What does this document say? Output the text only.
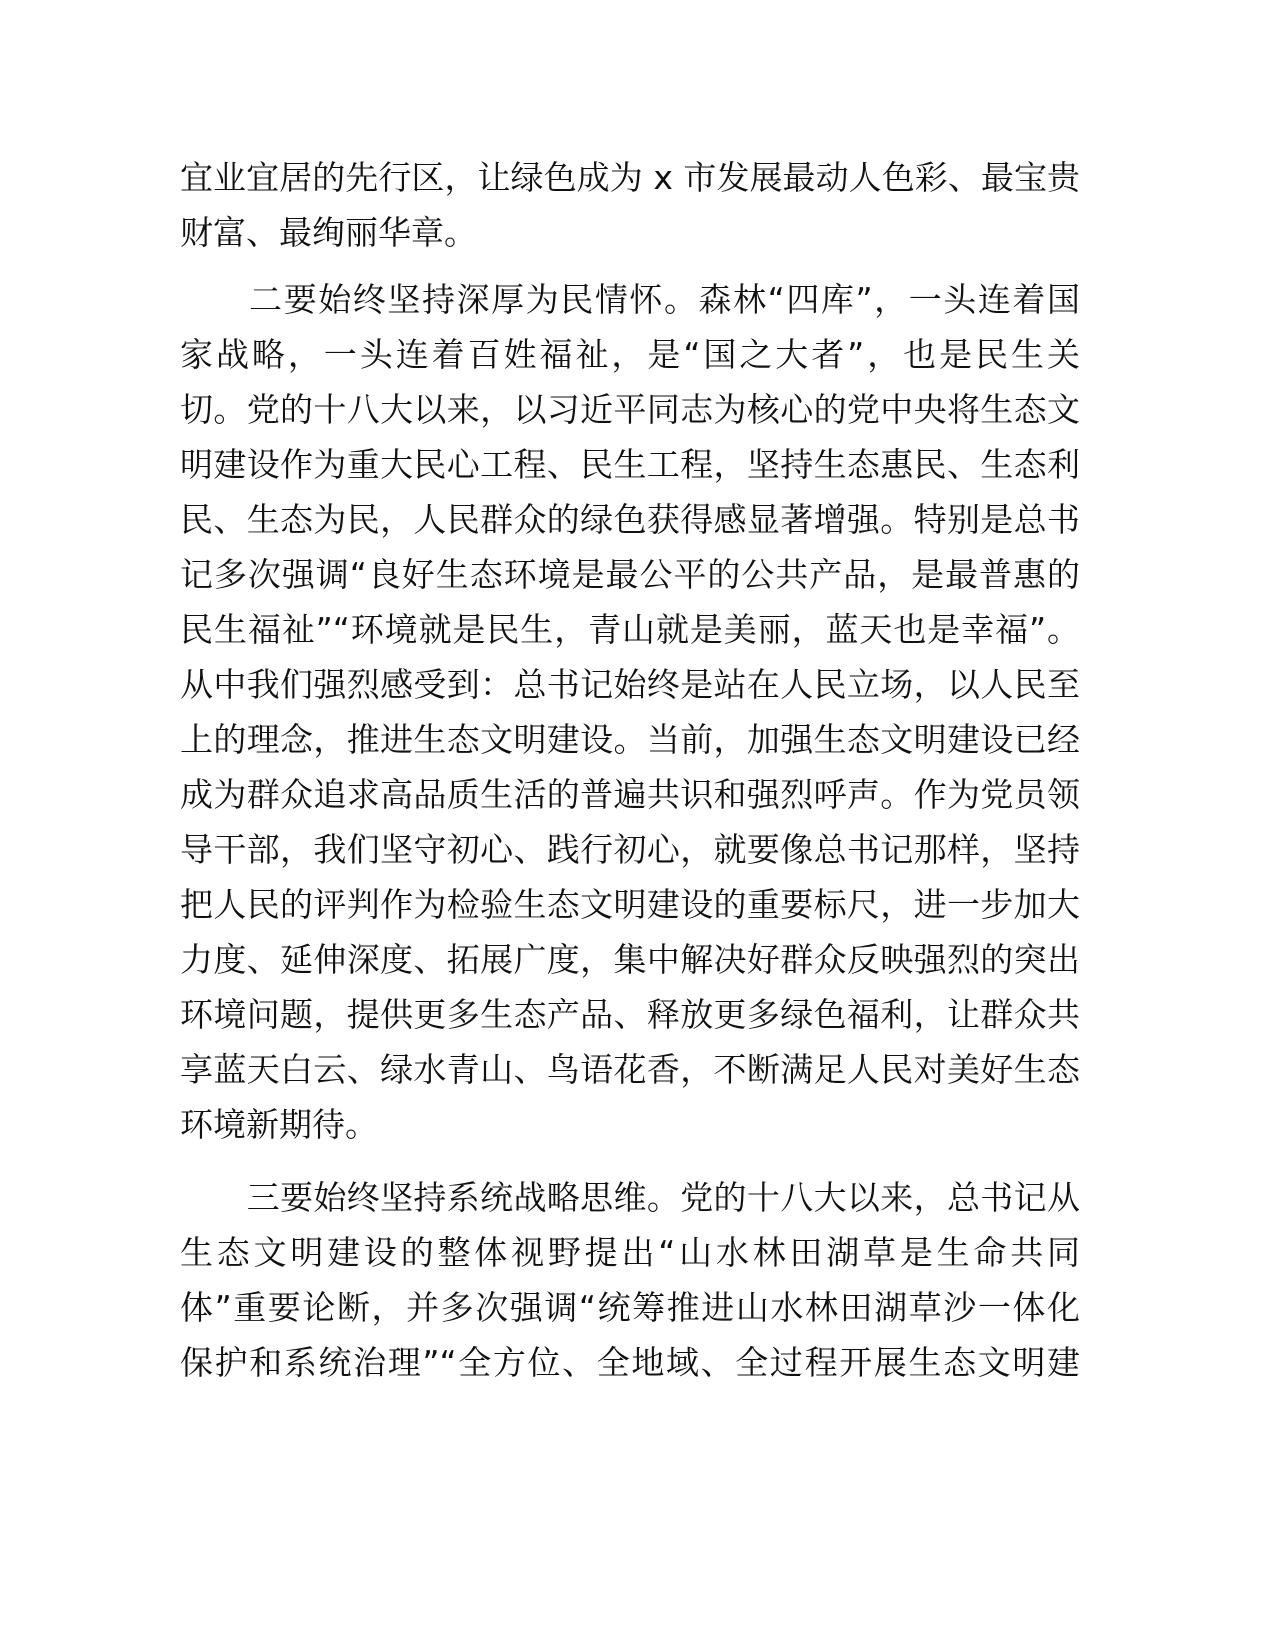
宜业宜居的先行区，让绿色成为 x 市发展最动人色彩、最宝贵
财富、最绚丽华章。
　　二要始终坚持深厚为民情怀。森林“四库”，一头连着国
家战略，一头连着百姓福祉，是“国之大者”，也是民生关
切。党的十八大以来，以习近平同志为核心的党中央将生态文
明建设作为重大民心工程、民生工程，坚持生态惠民、生态利
民、生态为民，人民群众的绿色获得感显著增强。特别是总书
记多次强调“良好生态环境是最公平的公共产品，是最普惠的
民生福祉”“环境就是民生，青山就是美丽，蓝天也是幸福”。
从中我们强烈感受到：总书记始终是站在人民立场，以人民至
上的理念，推进生态文明建设。当前，加强生态文明建设已经
成为群众追求高品质生活的普遍共识和强烈呼声。作为党员领
导干部，我们坚守初心、践行初心，就要像总书记那样，坚持
把人民的评判作为检验生态文明建设的重要标尺，进一步加大
力度、延伸深度、拓展广度，集中解决好群众反映强烈的突出
环境问题，提供更多生态产品、释放更多绿色福利，让群众共
享蓝天白云、绿水青山、鸟语花香，不断满足人民对美好生态
环境新期待。
　　三要始终坚持系统战略思维。党的十八大以来，总书记从
生态文明建设的整体视野提出“山水林田湖草是生命共同
体”重要论断，并多次强调“统筹推进山水林田湖草沙一体化
保护和系统治理”“全方位、全地域、全过程开展生态文明建
